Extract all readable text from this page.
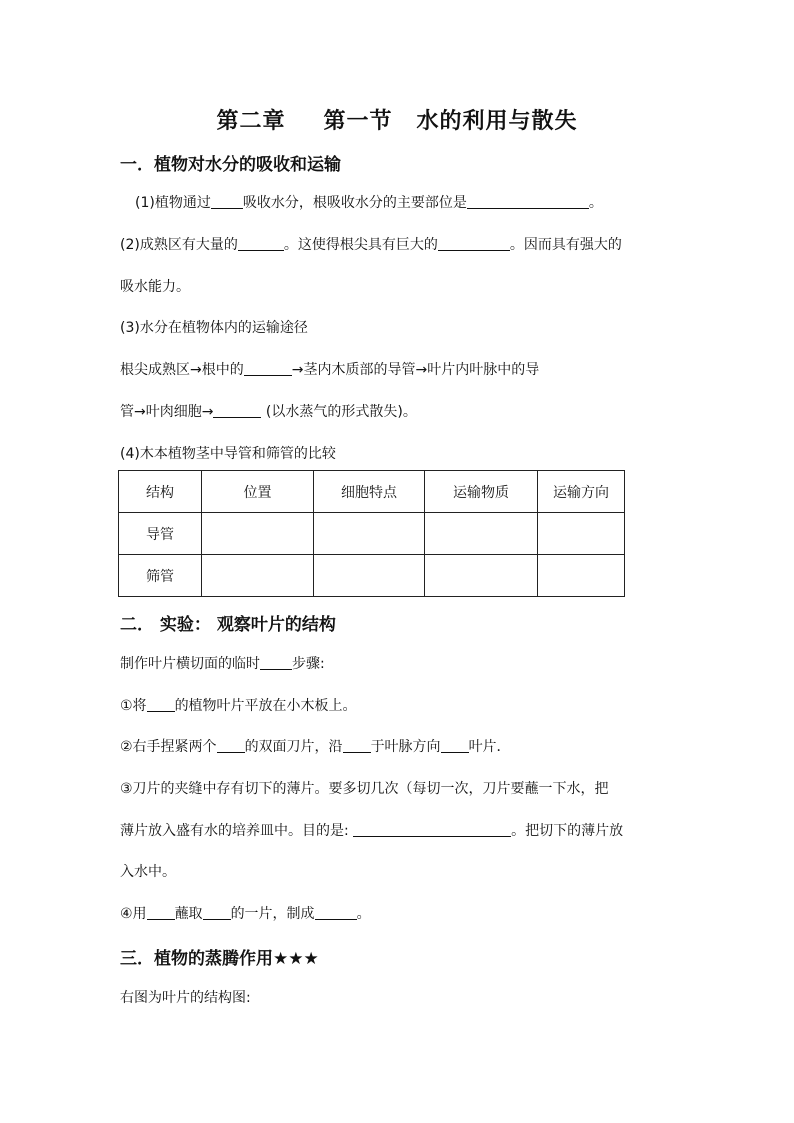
第二章 第一节 水的利用与散失
一．植物对水分的吸收和运输
(1)植物通过 吸收水分，根吸收水分的主要部位是	。
(2)成熟区有大量的	。这使得根尖具有巨大的	。因而具有强大的
吸水能力。
(3)水分在植物体内的运输途径
根尖成熟区→根中的	→茎内木质部的导管→叶片内叶脉中的导
管→叶肉细胞→	(以水蒸气的形式散失)。
(4)木本植物茎中导管和筛管的比较
结构	位置	细胞特点	运输物质	运输方向
导管				
筛管				
二． 实验： 观察叶片的结构
制作叶片横切面的临时 步骤:
①将 的植物叶片平放在小木板上。
②右手捏紧两个 的双面刀片，沿 于叶脉方向 叶片．
③刀片的夹缝中存有切下的薄片。要多切几次（每切一次，刀片要蘸一下水，把
薄片放入盛有水的培养皿中。目的是:	。把切下的薄片放
入水中。
④用 蘸取 的一片，制成	。
三．植物的蒸腾作用★★★
右图为叶片的结构图:
